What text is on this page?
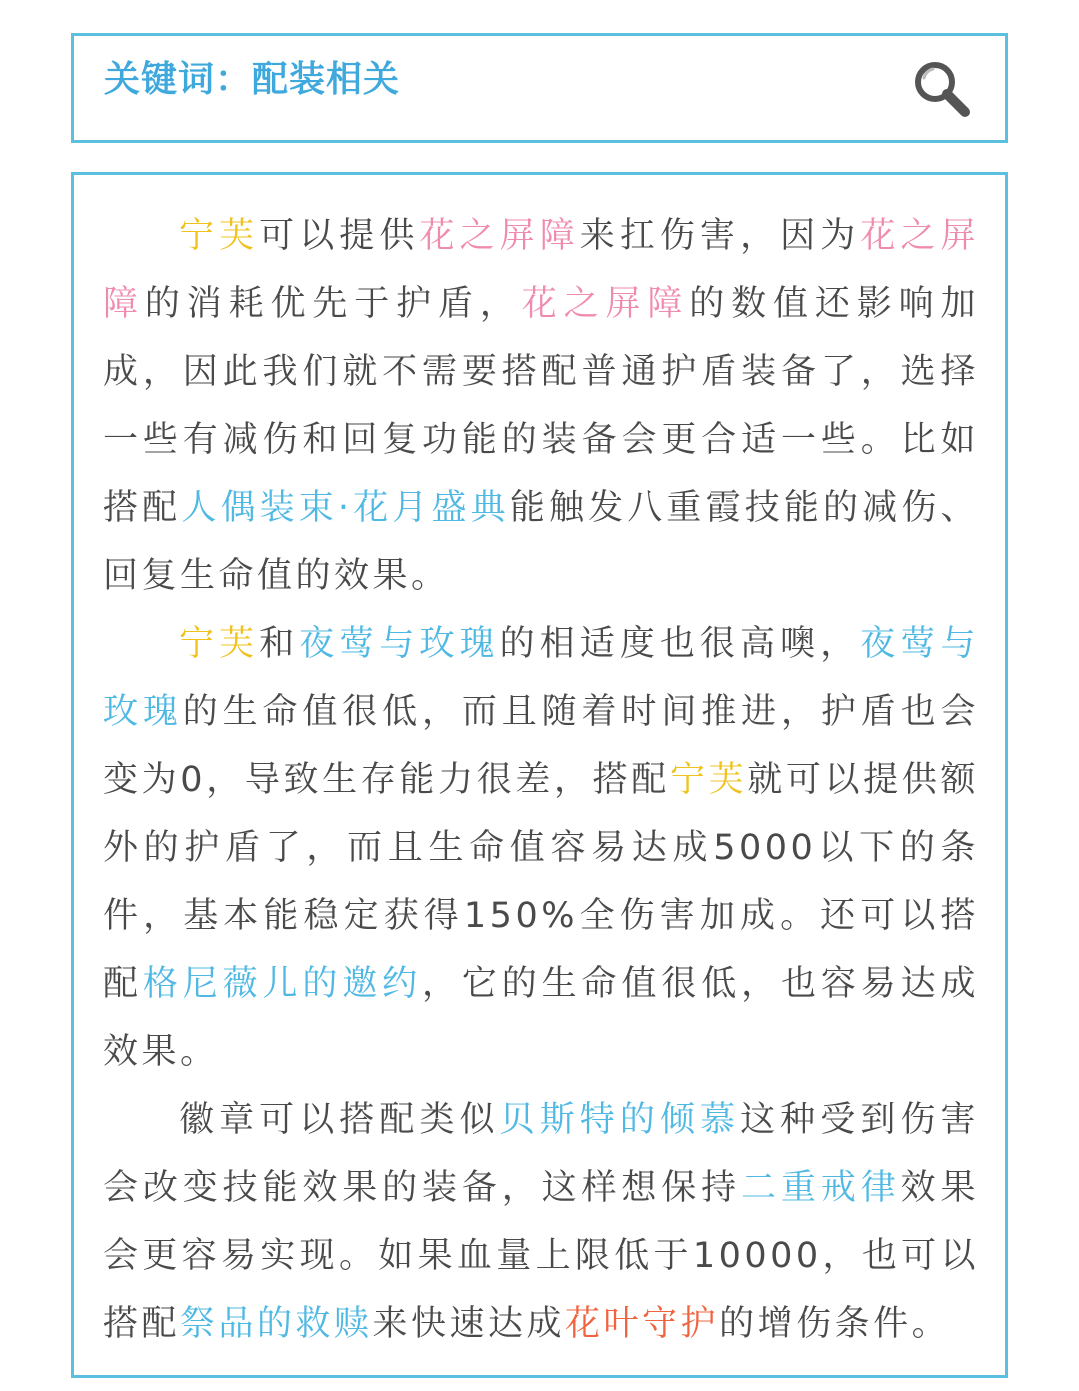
关键词：配装相关

宁芙可以提供花之屏障来扛伤害，因为花之屏障的消耗优先于护盾，花之屏障的数值还影响加成，因此我们就不需要搭配普通护盾装备了，选择一些有减伤和回复功能的装备会更合适一些。比如搭配人偶装束·花月盛典能触发八重霞技能的减伤、回复生命值的效果。

宁芙和夜莺与玫瑰的相适度也很高噢，夜莺与玫瑰的生命值很低，而且随着时间推进，护盾也会变为0，导致生存能力很差，搭配宁芙就可以提供额外的护盾了，而且生命值容易达成5000以下的条件，基本能稳定获得150%全伤害加成。还可以搭配格尼薇儿的邀约，它的生命值很低，也容易达成效果。

徽章可以搭配类似贝斯特的倾慕这种受到伤害会改变技能效果的装备，这样想保持二重戒律效果会更容易实现。如果血量上限低于10000，也可以搭配祭品的救赎来快速达成花叶守护的增伤条件。
